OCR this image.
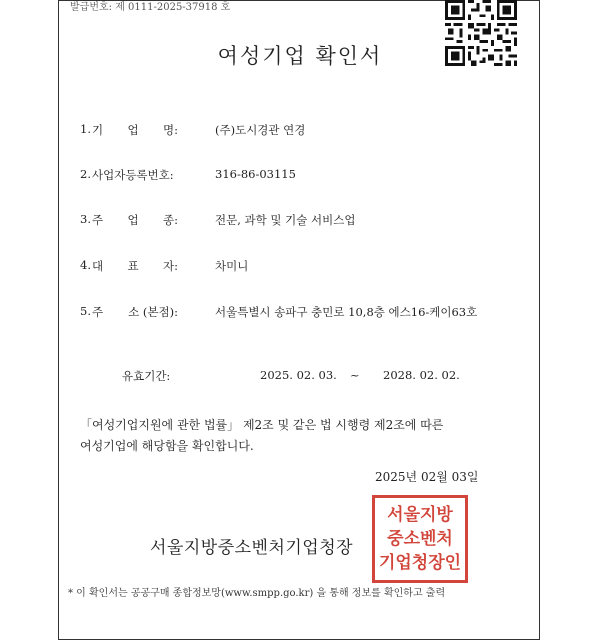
발급번호: 제 0111-2025-37918 호
여성기업 확인서
1. 기 업 명:	(주)도시경관 연경
2. 사업자등록번호:	316-86-03115
3. 주 업 종:	전문, 과학 및 기술 서비스업
4. 대 표 자:	차미니
5. 주 소 (본점):	서울특별시 송파구 충민로 10,8층 에스16-케이63호
유효기간:	2025. 02. 03. ~ 2028. 02. 02.
「여성기업지원에 관한 법률」 제2조 및 같은 법 시행령 제2조에 따른
여성기업에 해당함을 확인합니다.
2025년 02월 03일
서울지방중소벤처기업청장
서울지방
중소벤처
기업청장인
* 이 확인서는 공공구매 종합정보망(www.smpp.go.kr) 을 통해 정보를 확인하고 출력
